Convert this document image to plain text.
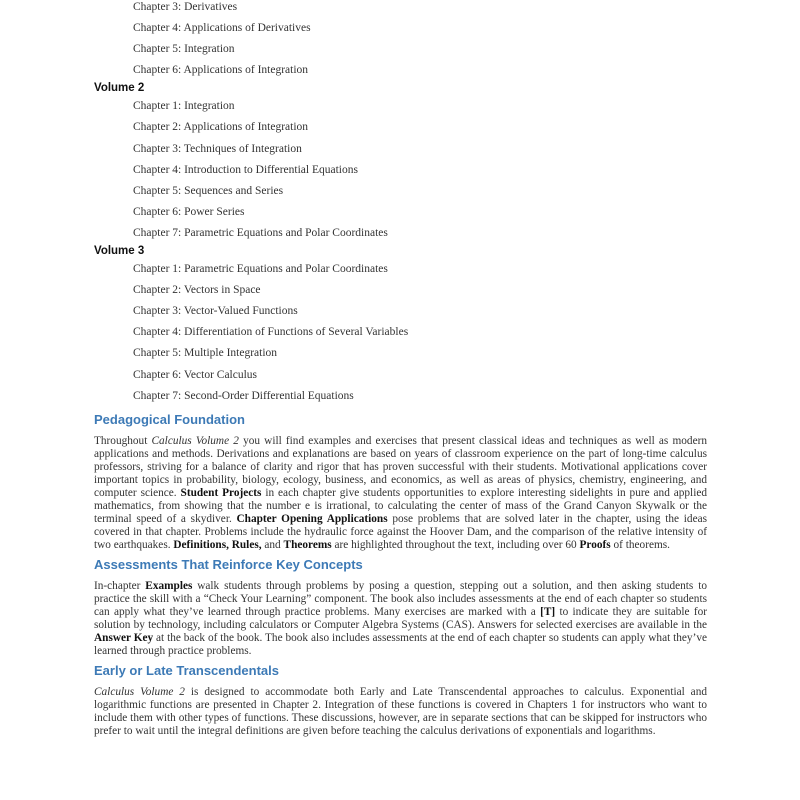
Chapter 3: Derivatives
Chapter 4: Applications of Derivatives
Chapter 5: Integration
Chapter 6: Applications of Integration
Volume 2
Chapter 1: Integration
Chapter 2: Applications of Integration
Chapter 3: Techniques of Integration
Chapter 4: Introduction to Differential Equations
Chapter 5: Sequences and Series
Chapter 6: Power Series
Chapter 7: Parametric Equations and Polar Coordinates
Volume 3
Chapter 1: Parametric Equations and Polar Coordinates
Chapter 2: Vectors in Space
Chapter 3: Vector-Valued Functions
Chapter 4: Differentiation of Functions of Several Variables
Chapter 5: Multiple Integration
Chapter 6: Vector Calculus
Chapter 7: Second-Order Differential Equations
Pedagogical Foundation

Throughout Calculus Volume 2 you will find examples and exercises that present classical ideas and techniques as well as modern applications and methods. Derivations and explanations are based on years of classroom experience on the part of long-time calculus professors, striving for a balance of clarity and rigor that has proven successful with their students. Motivational applications cover important topics in probability, biology, ecology, business, and economics, as well as areas of physics, chemistry, engineering, and computer science. Student Projects in each chapter give students opportunities to explore interesting sidelights in pure and applied mathematics, from showing that the number e is irrational, to calculating the center of mass of the Grand Canyon Skywalk or the terminal speed of a skydiver. Chapter Opening Applications pose problems that are solved later in the chapter, using the ideas covered in that chapter. Problems include the hydraulic force against the Hoover Dam, and the comparison of the relative intensity of two earthquakes. Definitions, Rules, and Theorems are highlighted throughout the text, including over 60 Proofs of theorems.

Assessments That Reinforce Key Concepts

In-chapter Examples walk students through problems by posing a question, stepping out a solution, and then asking students to practice the skill with a “Check Your Learning” component. The book also includes assessments at the end of each chapter so students can apply what they’ve learned through practice problems. Many exercises are marked with a [T] to indicate they are suitable for solution by technology, including calculators or Computer Algebra Systems (CAS). Answers for selected exercises are available in the Answer Key at the back of the book. The book also includes assessments at the end of each chapter so students can apply what they’ve learned through practice problems.

Early or Late Transcendentals

Calculus Volume 2 is designed to accommodate both Early and Late Transcendental approaches to calculus. Exponential and logarithmic functions are presented in Chapter 2. Integration of these functions is covered in Chapters 1 for instructors who want to include them with other types of functions. These discussions, however, are in separate sections that can be skipped for instructors who prefer to wait until the integral definitions are given before teaching the calculus derivations of exponentials and logarithms.
